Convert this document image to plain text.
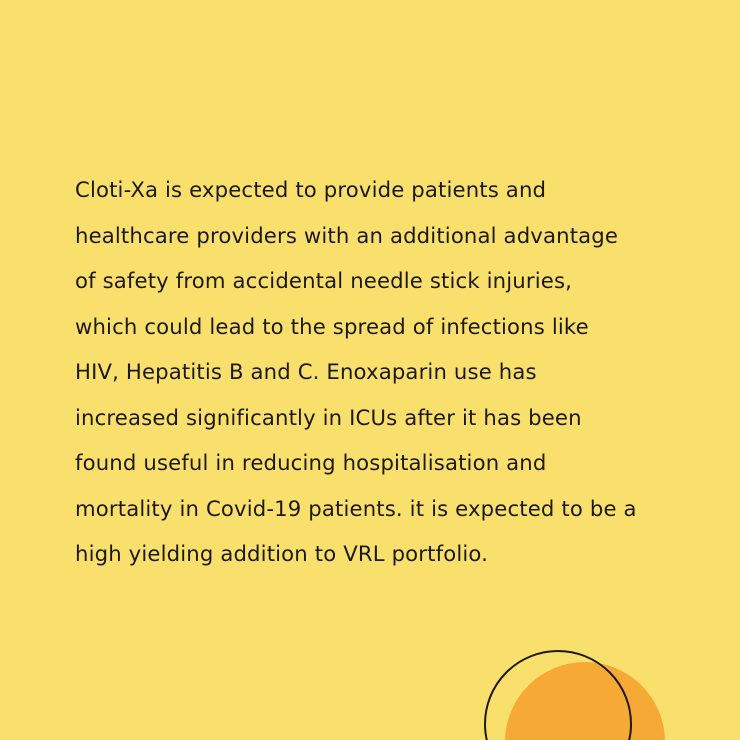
Cloti-Xa is expected to provide patients and
healthcare providers with an additional advantage
of safety from accidental needle stick injuries,
which could lead to the spread of infections like
HIV, Hepatitis B and C. Enoxaparin use has
increased significantly in ICUs after it has been
found useful in reducing hospitalisation and
mortality in Covid-19 patients. it is expected to be a
high yielding addition to VRL portfolio.
